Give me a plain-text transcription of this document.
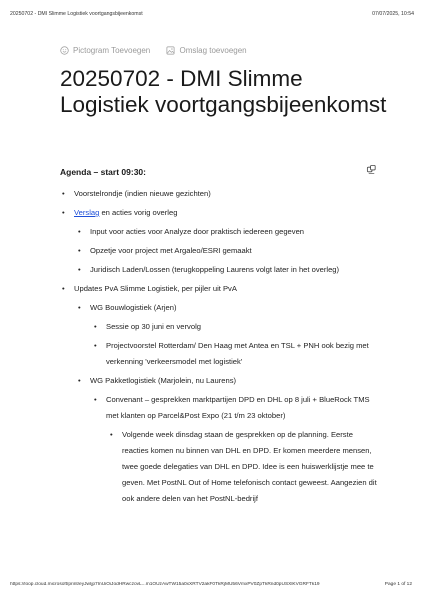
20250702 - DMI Slimme Logistiek voortgangsbijeenkomst	07/07/2025, 10:54
Pictogram Toevoegen
	Omslag toevoegen
20250702 - DMI Slimme Logistiek voortgangsbijeenkomst
Agenda – start 09:30:
• Voorstelrondje (indien nieuwe gezichten)
• Verslag en acties vorig overleg
• Input voor acties voor Analyze door praktisch iedereen gegeven
• Opzetje voor project met Argaleo/ESRI gemaakt
• Juridisch Laden/Lossen (terugkoppeling Laurens volgt later in het overleg)
• Updates PvA Slimme Logistiek, per pijler uit PvA
• WG Bouwlogistiek (Arjen)
• Sessie op 30 juni en vervolg
• Projectvoorstel Rotterdam/ Den Haag met Antea en TSL + PNH ook bezig met verkenning 'verkeersmodel met logistiek'
• WG Pakketlogistiek (Marjolein, nu Laurens)
• Convenant – gesprekken marktpartijen DPD en DHL op 8 juli + BlueRock TMS met klanten op Parcel&Post Expo (21 t/m 23 oktober)
• Volgende week dinsdag staan de gesprekken op de planning. Eerste reacties komen nu binnen van DHL en DPD. Er komen meerdere mensen, twee goede delegaties van DHL en DPD. Idee is een huiswerklijstje mee te geven. Met PostNL Out of Home telefonisch contact geweest. Aangezien dit ook andere delen van het PostNL-bedrijf
https://loop.cloud.microsoft/print/eyJwIjp7InUiOiJodHRwczovL...m1OUzAwTW15a0xXRTV2akF0TkRjMU56VmxPV0ZpTkRnd0pUSXlKVGRFTk19	Page 1 of 12
